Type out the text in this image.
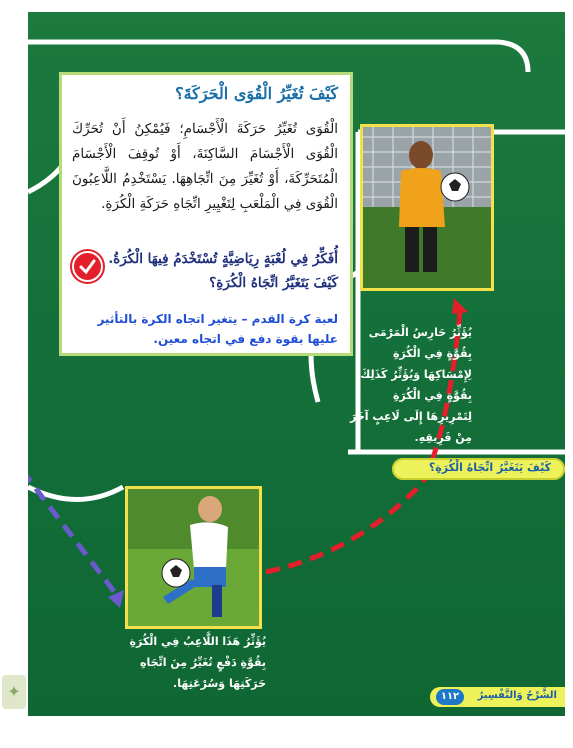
كَيْفَ تُغَيِّرُ الْقُوَى الْحَرَكَةَ؟
الْقُوَى تُغَيِّرُ حَرَكَةَ الْأَجْسَامِ؛ فَيُمْكِنُ أَنْ تُحَرِّكَ الْقُوَى الْأَجْسَامَ السَّاكِنَةَ، أَوْ تُوقِفَ الْأَجْسَامَ الْمُتَحَرِّكَةَ، أَوْ تُغَيِّرَ مِنَ اتِّجَاهِهَا. يَسْتَخْدِمُ اللَّاعِبُونَ الْقُوَى فِي الْمَلْعَبِ لِتَغْيِيرِ اتِّجَاهِ حَرَكَةِ الْكُرَةِ.
أُفَكِّرُ فِي لُعْبَةٍ رِيَاضِيَّةٍ تُسْتَخْدَمُ فِيهَا الْكُرَةُ. كَيْفَ يَتَغَيَّرُ اتِّجَاهُ الْكُرَةِ؟
لعبة كرة القدم – يتغير اتجاه الكرة بالتأثير عليها بقوة دفع في اتجاه معين.	يُؤَثِّرُ حَارِسُ الْمَرْمَى بِقُوَّةٍ فِي الْكُرَةِ لِإِمْسَاكِهَا وَيُؤَثِّرُ كَذَلِكَ بِقُوَّةٍ فِي الْكُرَةِ لِتَمْرِيرِهَا إِلَى لَاعِبٍ آخَرَ مِنْ فَرِيقِهِ.
كَيْفَ يَتَغَيَّرُ اتِّجَاهُ الْكُرَةِ؟
يُؤَثِّرُ هَذَا اللَّاعِبُ فِي الْكُرَةِ بِقُوَّةِ دَفْعٍ تُغَيِّرُ مِنَ اتِّجَاهِ حَرَكَتِهَا وَسُرْعَتِهَا.
الشَّرْحُ وَالتَّفْسِيرُ
١١٢
✦
